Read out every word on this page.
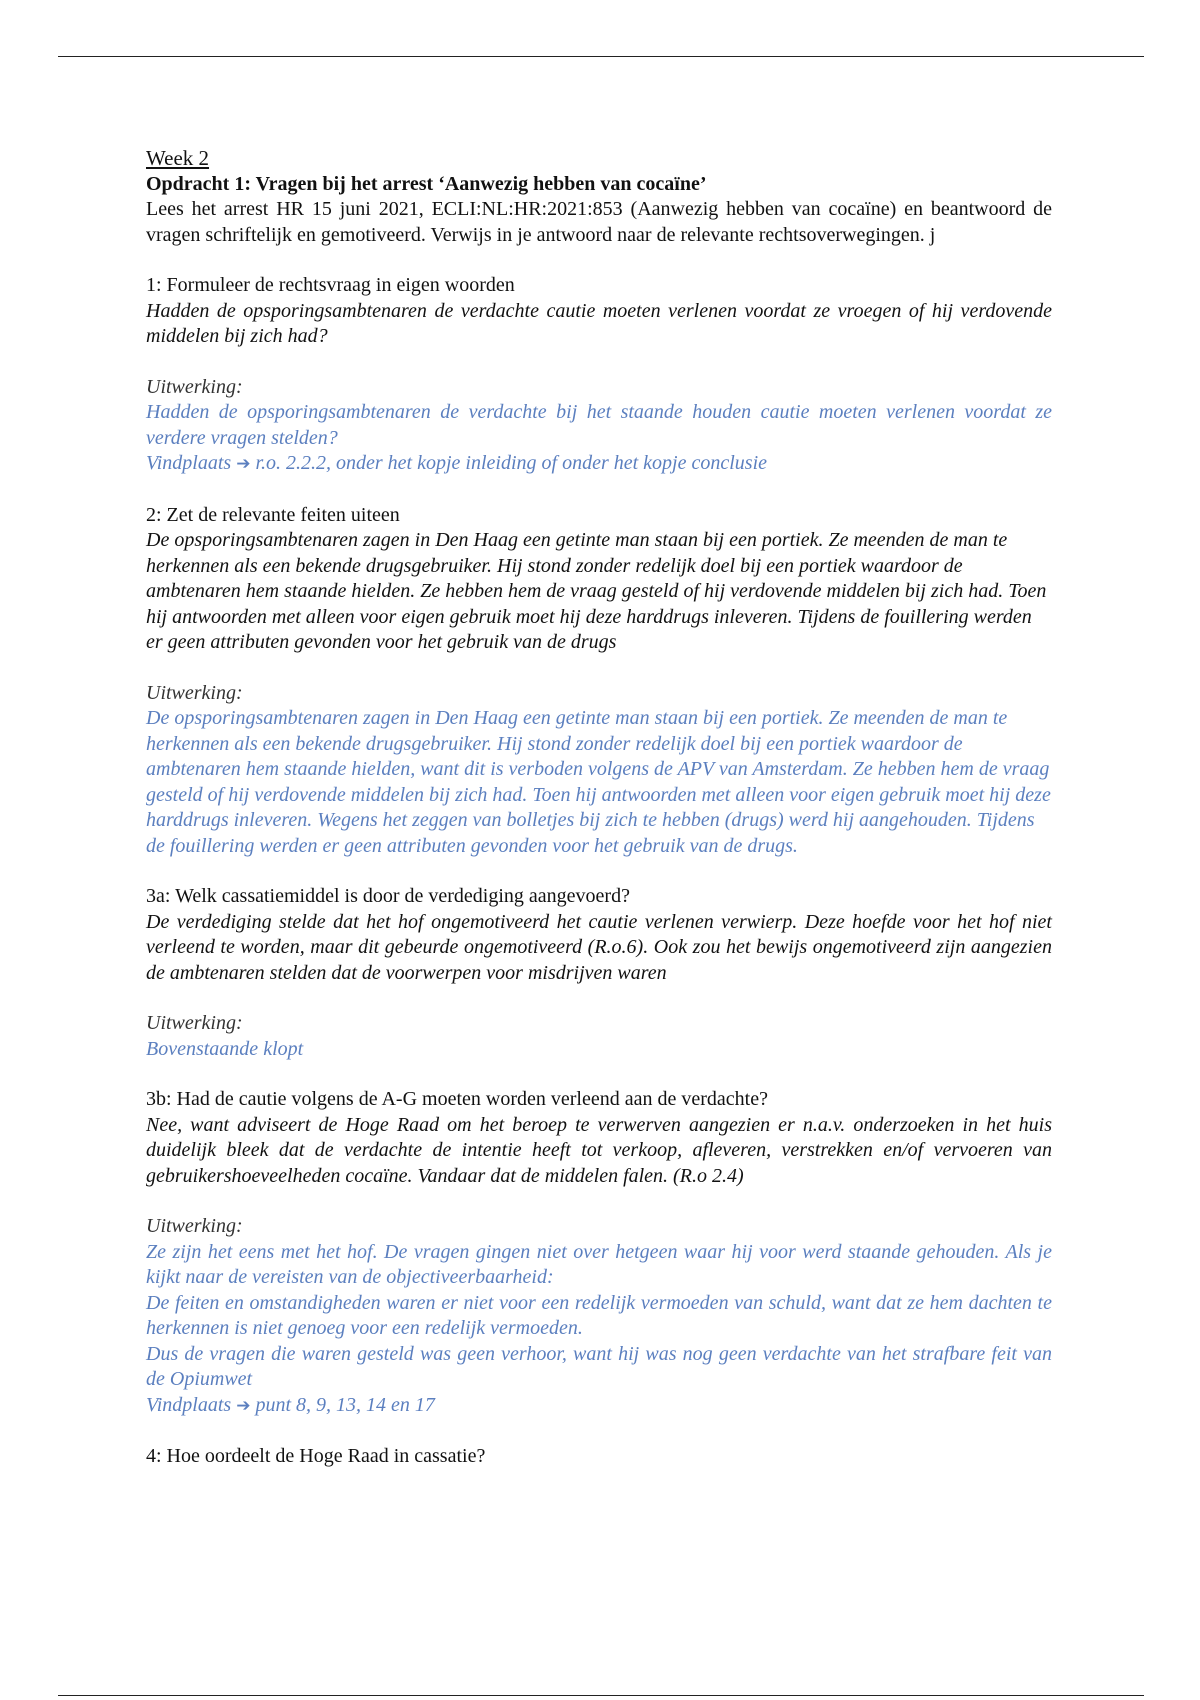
Week 2

Opdracht 1: Vragen bij het arrest ‘Aanwezig hebben van cocaïne’

Lees het arrest HR 15 juni 2021, ECLI:NL:HR:2021:853 (Aanwezig hebben van cocaïne) en beantwoord de vragen schriftelijk en gemotiveerd. Verwijs in je antwoord naar de relevante rechtsoverwegingen. j

1: Formuleer de rechtsvraag in eigen woorden

Hadden de opsporingsambtenaren de verdachte cautie moeten verlenen voordat ze vroegen of hij verdovende middelen bij zich had?

Uitwerking:

Hadden de opsporingsambtenaren de verdachte bij het staande houden cautie moeten verlenen voordat ze verdere vragen stelden?

Vindplaats ➔ r.o. 2.2.2, onder het kopje inleiding of onder het kopje conclusie

2: Zet de relevante feiten uiteen

De opsporingsambtenaren zagen in Den Haag een getinte man staan bij een portiek. Ze meenden de man te herkennen als een bekende drugsgebruiker. Hij stond zonder redelijk doel bij een portiek waardoor de ambtenaren hem staande hielden. Ze hebben hem de vraag gesteld of hij verdovende middelen bij zich had. Toen hij antwoorden met alleen voor eigen gebruik moet hij deze harddrugs inleveren. Tijdens de fouillering werden er geen attributen gevonden voor het gebruik van de drugs

Uitwerking:

De opsporingsambtenaren zagen in Den Haag een getinte man staan bij een portiek. Ze meenden de man te herkennen als een bekende drugsgebruiker. Hij stond zonder redelijk doel bij een portiek waardoor de ambtenaren hem staande hielden, want dit is verboden volgens de APV van Amsterdam. Ze hebben hem de vraag gesteld of hij verdovende middelen bij zich had. Toen hij antwoorden met alleen voor eigen gebruik moet hij deze harddrugs inleveren. Wegens het zeggen van bolletjes bij zich te hebben (drugs) werd hij aangehouden. Tijdens de fouillering werden er geen attributen gevonden voor het gebruik van de drugs.

3a: Welk cassatiemiddel is door de verdediging aangevoerd?

De verdediging stelde dat het hof ongemotiveerd het cautie verlenen verwierp. Deze hoefde voor het hof niet verleend te worden, maar dit gebeurde ongemotiveerd (R.o.6). Ook zou het bewijs ongemotiveerd zijn aangezien de ambtenaren stelden dat de voorwerpen voor misdrijven waren

Uitwerking:

Bovenstaande klopt

3b: Had de cautie volgens de A-G moeten worden verleend aan de verdachte?

Nee, want adviseert de Hoge Raad om het beroep te verwerven aangezien er n.a.v. onderzoeken in het huis duidelijk bleek dat de verdachte de intentie heeft tot verkoop, afleveren, verstrekken en/of vervoeren van gebruikershoeveelheden cocaïne. Vandaar dat de middelen falen. (R.o 2.4)

Uitwerking:

Ze zijn het eens met het hof. De vragen gingen niet over hetgeen waar hij voor werd staande gehouden. Als je kijkt naar de vereisten van de objectiveerbaarheid:

De feiten en omstandigheden waren er niet voor een redelijk vermoeden van schuld, want dat ze hem dachten te herkennen is niet genoeg voor een redelijk vermoeden.

Dus de vragen die waren gesteld was geen verhoor, want hij was nog geen verdachte van het strafbare feit van de Opiumwet

Vindplaats ➔ punt 8, 9, 13, 14 en 17

4: Hoe oordeelt de Hoge Raad in cassatie?
